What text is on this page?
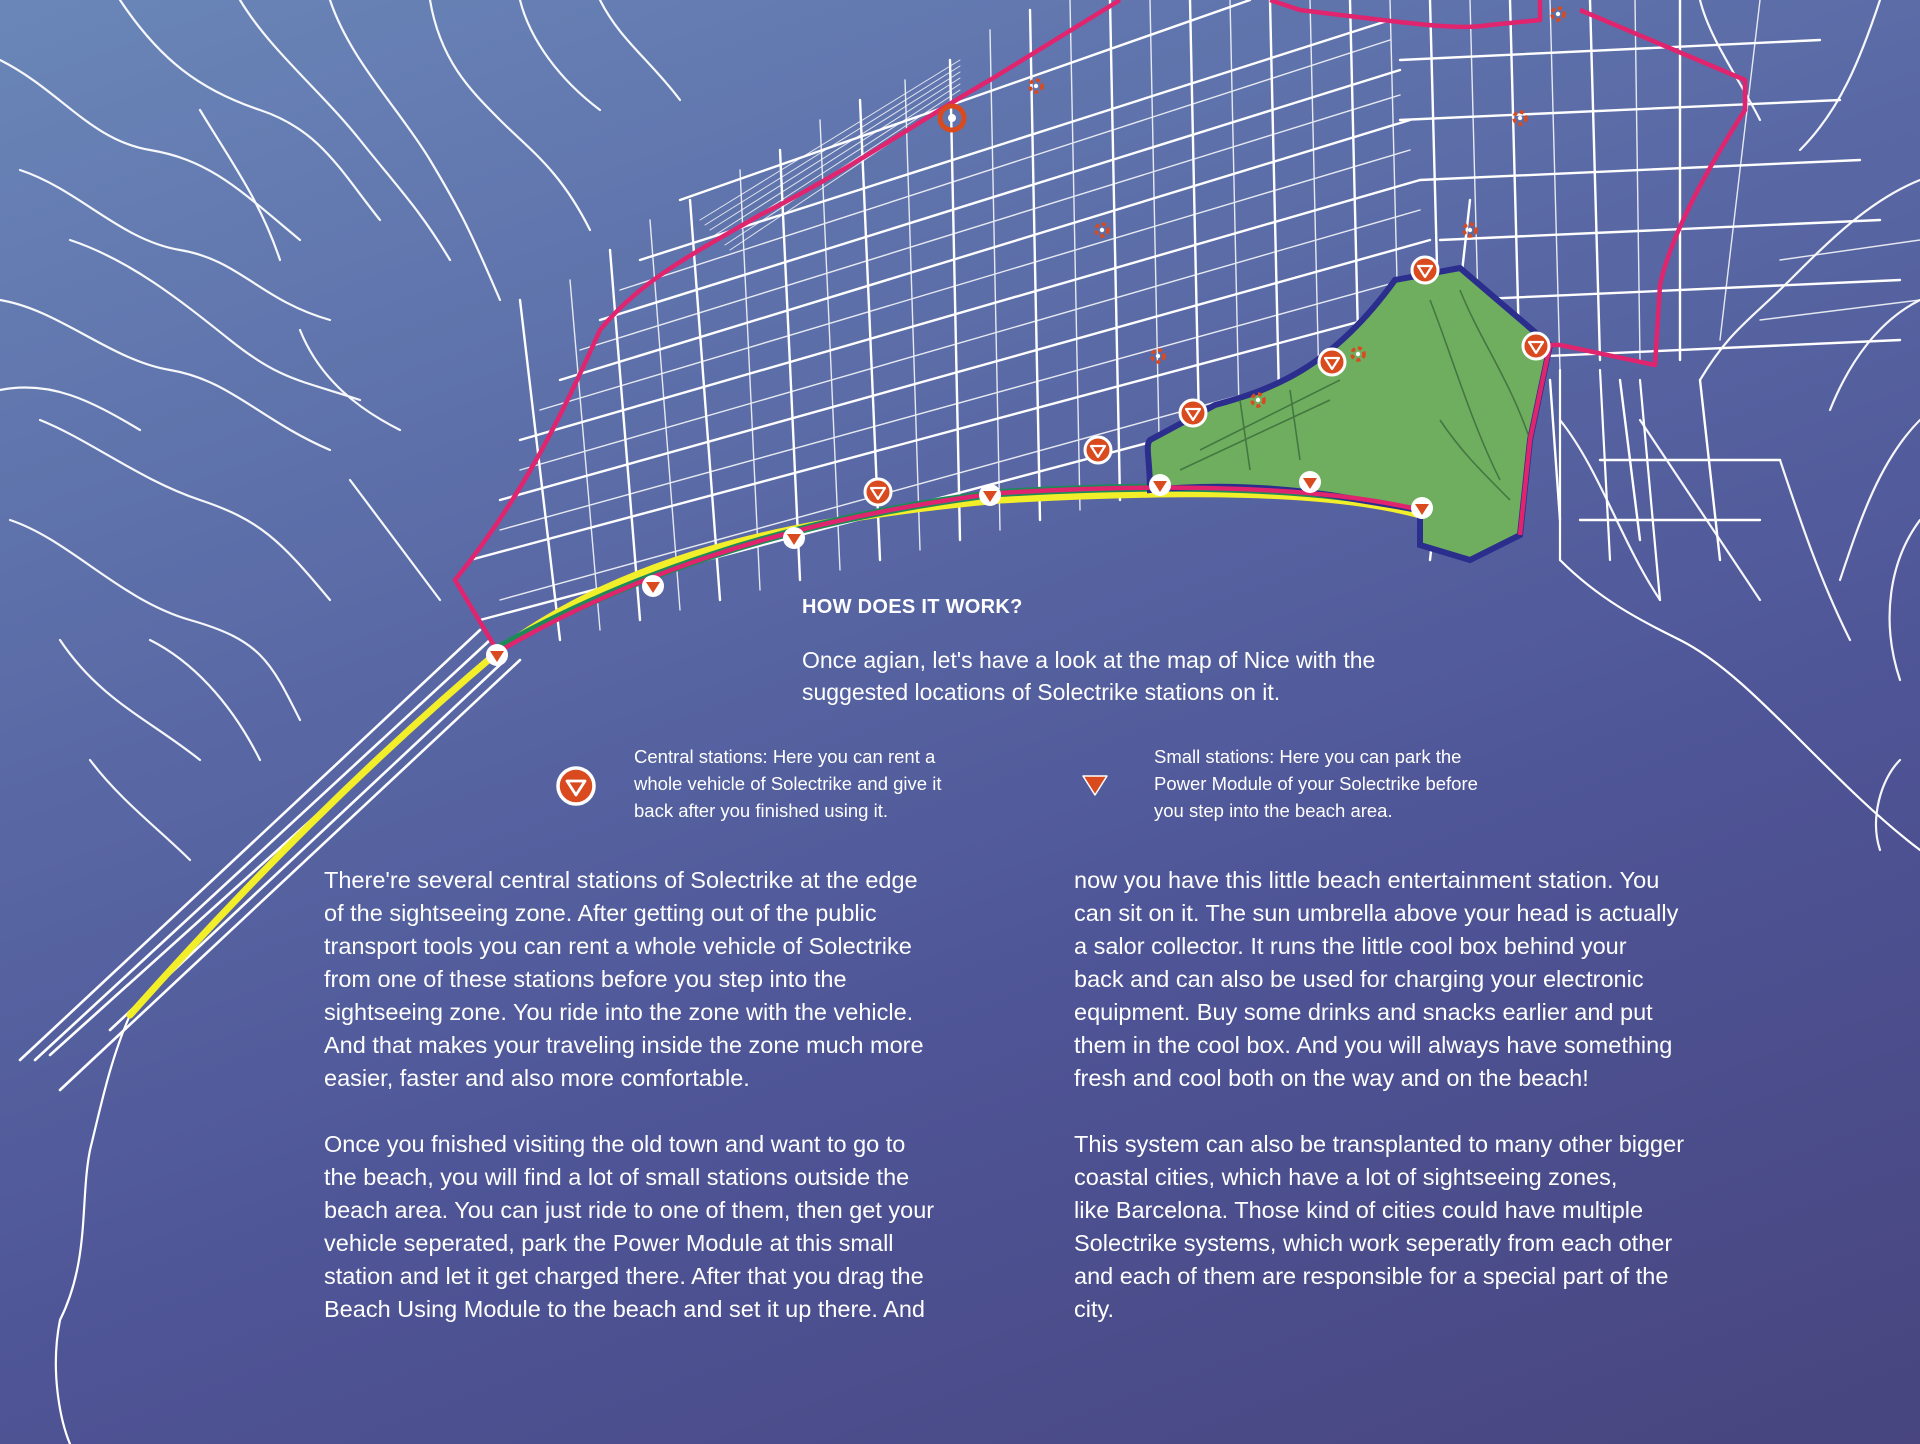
HOW DOES IT WORK?
Once agian, let's have a look at the map of Nice with the suggested locations of Solectrike stations on it.
Central stations: Here you can rent a
whole vehicle of Solectrike and give it
back after you finished using it.
Small stations: Here you can park the
Power Module of your Solectrike before
you step into the beach area.

There're several central stations of Solectrike at the edge
of the sightseeing zone. After getting out of the public
transport tools you can rent a whole vehicle of Solectrike
from one of these stations before you step into the
sightseeing zone. You ride into the zone with the vehicle.
And that makes your traveling inside the zone much more
easier, faster and also more comfortable.

Once you fnished visiting the old town and want to go to
the beach, you will find a lot of small stations outside the
beach area. You can just ride to one of them, then get your
vehicle seperated, park the Power Module at this small
station and let it get charged there. After that you drag the
Beach Using Module to the beach and set it up there. And

now you have this little beach entertainment station. You
can sit on it. The sun umbrella above your head is actually
a salor collector. It runs the little cool box behind your
back and can also be used for charging your electronic
equipment. Buy some drinks and snacks earlier and put
them in the cool box. And you will always have something
fresh and cool both on the way and on the beach!

This system can also be transplanted to many other bigger
coastal cities, which have a lot of sightseeing zones,
like Barcelona. Those kind of cities could have multiple
Solectrike systems, which work seperatly from each other
and each of them are responsible for a special part of the
city.
